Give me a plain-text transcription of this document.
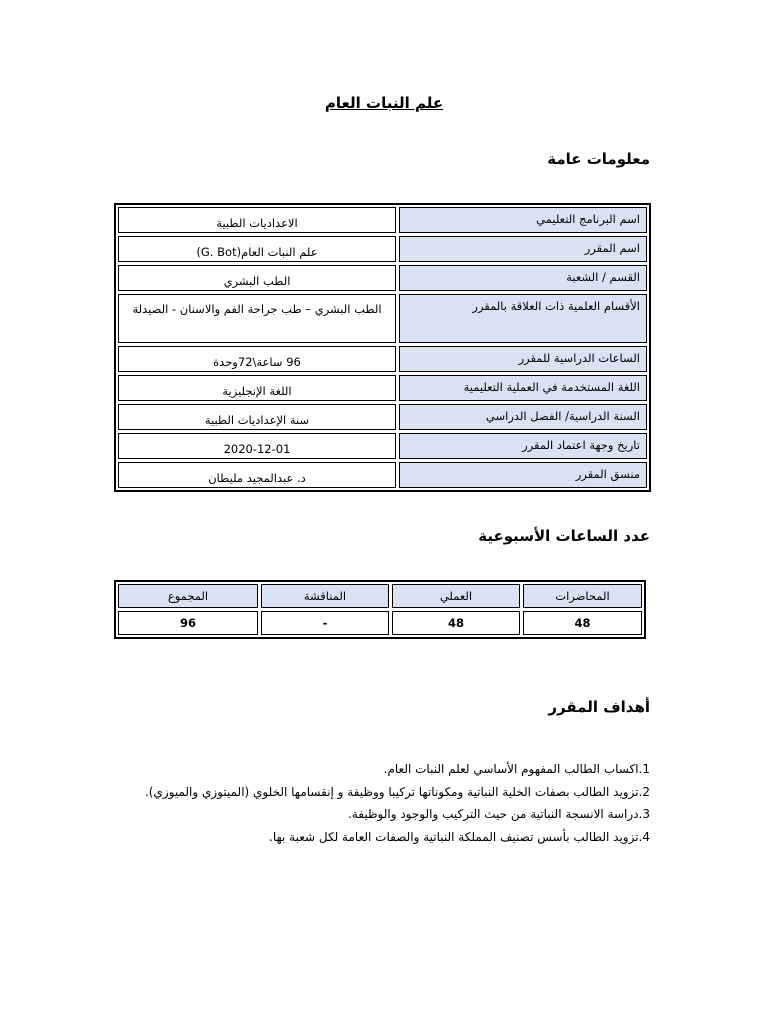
علم النبات العام
معلومات عامة
اسم البرنامج التعليمي
الاعداديات الطبية
اسم المقرر
علم النبات العام(G. Bot)
القسم / الشعبة
الطب البشري
الأقسام العلمية ذات العلاقة بالمقرر
الطب البشري – طب جراحة الفم والاسنان - الصيدلة
الساعات الدراسية للمقرر
96 ساعة\72وحدة
اللغة المستخدمة في العملية التعليمية
اللغة الإنجليزية
السنة الدراسية/ الفصل الدراسي
سنة الإعداديات الطبية
تاريخ وجهة اعتماد المقرر
2020-12-01
منسق المقرر
د. عبدالمجيد مليطان
عدد الساعات الأسبوعية
المحاضرات
العملي
المناقشة
المجموع
48
48
-
96
أهداف المقرر
1.اكساب الطالب المفهوم الأساسي لعلم النبات العام.
2.تزويد الطالب بصفات الخلية النباتية ومكوناتها تركيبا ووظيفة و إنقسامها الخلوي (الميتوزي والميوزي).
3.دراسة الانسجة النباتية من حيث التركيب والوجود والوظيفة.
4.تزويد الطالب بأسس تصنيف المملكة النباتية والصفات العامة لكل شعبة بها.
